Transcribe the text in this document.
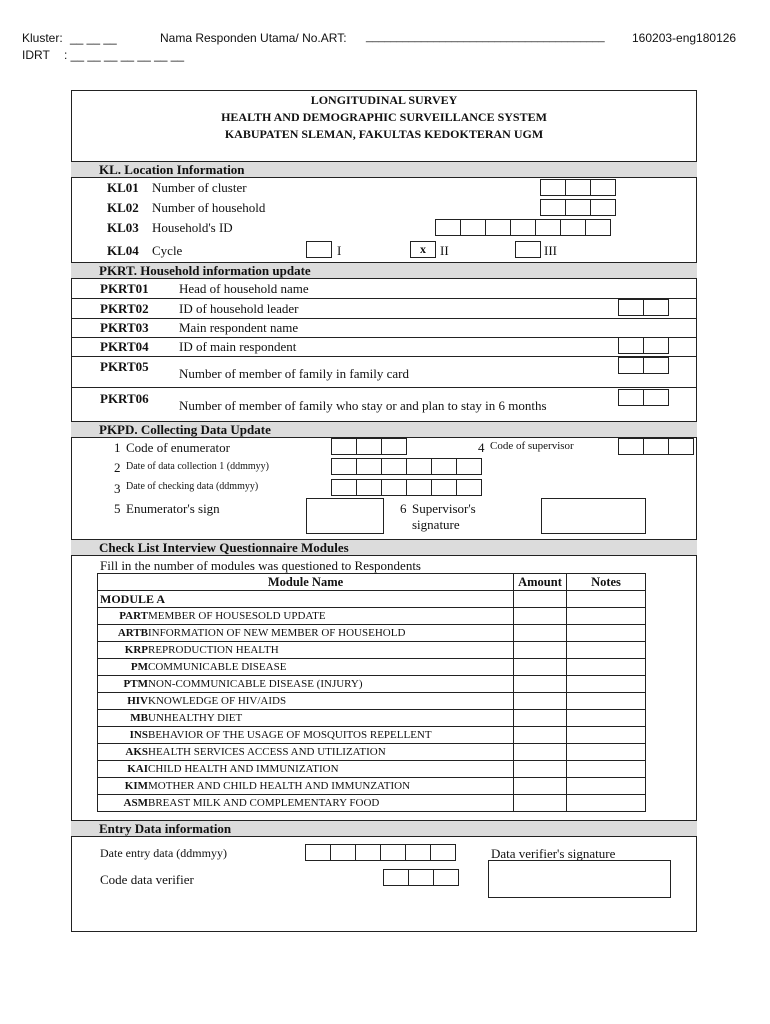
Kluster: __ __ __	Nama Responden Utama/ No.ART: _______________________________________ 160203-eng180126
IDRT : __ __ __ __ __ __ __
LONGITUDINAL SURVEY
HEALTH AND DEMOGRAPHIC SURVEILLANCE SYSTEM
KABUPATEN SLEMAN, FAKULTAS KEDOKTERAN UGM
KL. Location Information
KL01 Number of cluster
KL02 Number of household
KL03 Household's ID
KL04 Cycle	I	x	II	III
PKRT. Household information update
PKRT01 Head of household name
PKRT02 ID of household leader
PKRT03 Main respondent name
PKRT04 ID of main respondent
PKRT05 Number of member of family in family card
PKRT06 Number of member of family who stay or and plan to stay in 6 months
PKPD. Collecting Data Update
1 Code of enumerator	4 Code of supervisor
2 Date of data collection 1 (ddmmyy)
3 Date of checking data (ddmmyy)
5 Enumerator's sign	6 Supervisor's
signature
Check List Interview Questionnaire Modules
Fill in the number of modules was questioned to Respondents
Module Name		Amount	Notes
MODULE A			
PART	MEMBER OF HOUSESOLD UPDATE		
ARTB	INFORMATION OF NEW MEMBER OF HOUSEHOLD		
KRP	REPRODUCTION HEALTH		
PM	COMMUNICABLE DISEASE		
PTM	NON-COMMUNICABLE DISEASE (INJURY)		
HIV	KNOWLEDGE OF HIV/AIDS		
MB	UNHEALTHY DIET		
INS	BEHAVIOR OF THE USAGE OF MOSQUITOS REPELLENT		
AKS	HEALTH SERVICES ACCESS AND UTILIZATION		
KAI	CHILD HEALTH AND IMMUNIZATION		
KIM	MOTHER AND CHILD HEALTH AND IMMUNZATION		
ASM	BREAST MILK AND COMPLEMENTARY FOOD		
Entry Data information
Date entry data (ddmmyy)	Data verifier's signature
Code data verifier
